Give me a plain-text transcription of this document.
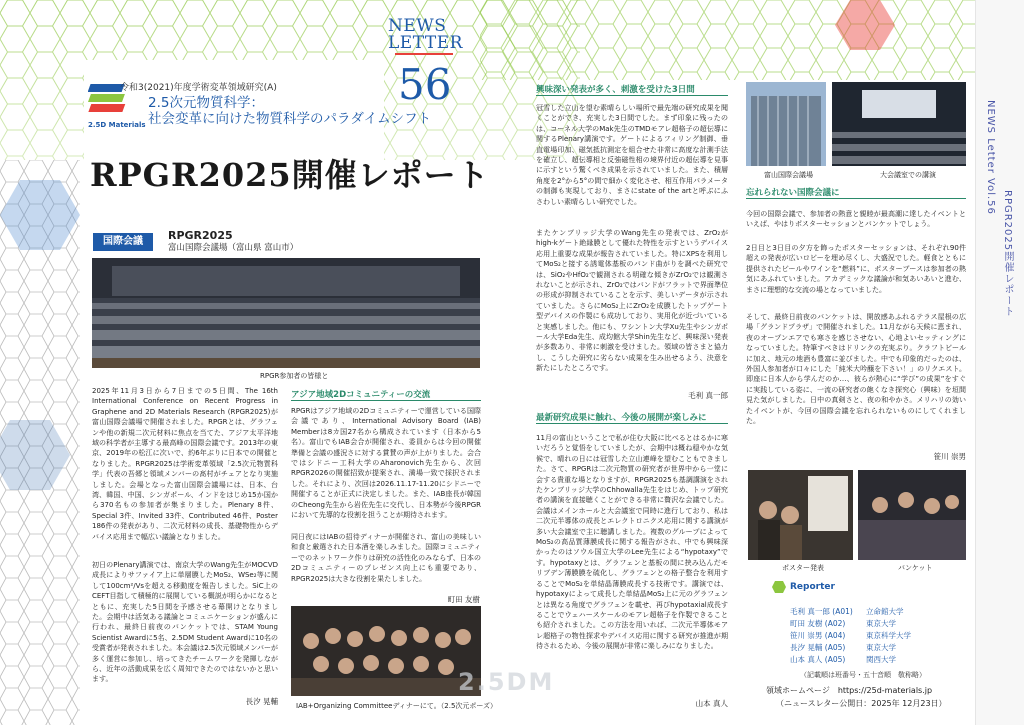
NEWS Letter Vol.56
RPGR2025開催レポート
NEWS
LETTER
56
2.5D Materials
令和3(2021)年度学術変革領域研究(A)
2.5次元物質科学：
社会変革に向けた物質科学のパラダイムシフト
RPGR2025開催レポート
国際会議	RPGR2025
富山国際会議場（富山県 富山市）
RPGR参加者の皆様と

2025年11月3日から7日までの5日間、The 16th International Conference on Recent Progress in Graphene and 2D Materials Research (RPGR2025)が富山国際会議場で開催されました。RPGRとは、グラフェンや他の新規二次元材料に焦点を当てた、アジア太平洋地域の科学者が主導する最高峰の国際会議です。2013年の東京、2019年の松江に次いで、約6年ぶりに日本での開催となりました。RPGR2025は学術変革領域「2.5次元物質科学」代表の吾郷と領域メンバーの髙村がチェアとなり実施しました。会場となった富山国際会議場には、日本、台湾、韓国、中国、シンガポール、インドをはじめ15か国から370名もの参加者が集まりました。Plenary 8件、Special 3件、Invited 33件、Contributed 46件、Poster 186件の発表があり、二次元材料の成長、基礎物性からデバイス応用まで幅広い議論となりました。

初日のPlenary講演では、南京大学のWang先生がMOCVD成長によりサファイア上に単層膜したMoS₂、WSe₂等に関して100cm²/Vsを超える移動度を報告しました。SiC上のCEFT目指して積極的に展開している概説が明らかになるとともに、充実した5日間を予感させる幕開けとなりました。会期中は活気ある議論とコミュニケーションが盛んに行われ、最終日前夜のバンケットでは、STAM Young Scientist Awardに5名、2.5DM Student Awardに10名の受賞者が発表されました。本会議は2.5次元領域メンバーが多く運営に参加し、培ってきたチームワークを発揮しながら、近年の活動成果を広く周知できたのではないかと思います。

長汐 晃輔
アジア地域2Dコミュニティーの交流

RPGRはアジア地域の2Dコミュニティーで運営している国際会議であり、International Advisory Board (IAB) Memberは8カ国27名から構成されています（日本から5名）。富山でもIAB会合が開催され、委員からは今回の開催準備と会議の盛況さに対する賞賛の声が上がりました。会合ではシドニー工科大学のAharonovich先生から、次回RPGR2026の開催招致が提案され、満場一致で採択されました。それにより、次回は2026.11.17-11.20にシドニーで開催することが正式に決定しました。また、IAB座長が韓国のCheong先生から岩佐先生に交代し、日本勢が今後RPGRにおいて先導的な役割を担うことが期待されます。

同日夜にはIABの招待ディナーが開催され、富山の美味しい和食と厳選された日本酒を楽しみました。国際コミュニティーでのネットワーク作りは研究の活性化のみならず、日本の2Dコミュニティーのプレゼンス向上にも重要であり、RPGR2025は大きな役割を果たしました。

町田 友樹
IAB+Organizing Committeeディナーにて。（2.5次元ポーズ）
興味深い発表が多く、刺激を受けた3日間

冠雪した立山を望む素晴らしい場所で最先端の研究成果を聞くことができ、充実した3日間でした。まず印象に残ったのは、コーネル大学のMak先生のTMDモアレ超格子の超伝導に関するPlenary講演です。ゲートによるフィリング制御、垂直電場印加、磁気抵抗測定を組合せた非常に高度な計測手法を確立し、超伝導相と反強磁性相の境界付近の超伝導を見事に示すという驚くべき成果を示されていました。また、積層角度を2°から5°の間で細かく変化させ、相互作用パラメータの制御も実現しており、まさにstate of the artと呼ぶにふさわしい素晴らしい研究でした。

またケンブリッジ大学のWang先生の発表では、ZrO₂がhigh-kゲート絶縁膜として優れた特性を示すというデバイス応用上重要な成果が報告されていました。特にXPSを利用してMoS₂と接する誘電体基板のバンド曲がりを調べた研究では、SiO₂やHfO₂で観測される明確な傾きがZrO₂では観測されないことが示され、ZrO₂ではバンドがフラットで界面準位の形成が抑制されていることを示す、美しいデータが示されていました。さらにMoS₂上にZrO₂を成膜したトップゲート型デバイスの作製にも成功しており、実用化が近づいていると実感しました。他にも、ワシントン大学Xu先生やシンガポール大学Eda先生、成均館大学Shin先生など、興味深い発表が多数あり、非常に刺激を受けました。領域の皆さまと協力し、こうした研究に劣らない成果を生み出せるよう、決意を新たにしたところです。

毛利 真一郎
最新研究成果に触れ、今後の展開が楽しみに

11月の富山ということで私が住む大阪に比べるとはるかに寒いだろうと覚悟をしていましたが、会期中は概ね穏やかな気候で、晴れの日には冠雪した立山連峰を望むこともできました。さて、RPGRは二次元物質の研究者が世界中から一堂に会する貴重な場となりますが、RPGR2025も基調講演をされたケンブリッジ大学のChhowalla先生をはじめ、トップ研究者の講演を直接聴くことができる非常に贅沢な会議でした。会議はメインホールと大会議室で同時に進行しており、私は二次元半導体の成長とエレクトロニクス応用に関する講演が多い大会議室で主に聴講しました。複数のグループによってMoS₂の高品質薄膜成長に関する報告がされ、中でも興味深かったのはソウル国立大学のLee先生による“hypotaxy”です。hypotaxyとは、グラフェンと基板の間に挟み込んだモリブデン薄膜膜を硫化し、グラフェンとの格子整合を利用することでMoS₂を単結晶薄膜成長する技術です。講演では、hypotaxyによって成長した単結晶MoS₂上に元のグラフェンとは異なる角度でグラフェンを載せ、再びhypotaxial成長することでウェハースケールのモアレ超格子を作製できることも紹介されました。この方法を用いれば、二次元半導体モアレ超格子の物性探求やデバイス応用に関する研究が推進が期待されるため、今後の展開が非常に楽しみになりました。

山本 真人
富山国際会議場	大会議室での講演
忘れられない国際会議に

今回の国際会議で、参加者の熱意と親睦が最高潮に達したイベントといえば、やはりポスターセッションとバンケットでしょう。

2日目と3日目の夕方を飾ったポスターセッションは、それぞれ90件超えの発表が広いロビーを埋め尽くし、大盛況でした。軽食とともに提供されたビールやワインを“燃料”に、ポスターブースは参加者の熱気にあふれていました。アカデミックな議論が和気あいあいと進む、まさに理想的な交流の場となっていました。

そして、最終日前夜のバンケットは、開放感あふれるテラス屋根の広場「グランドプラザ」で開催されました。11月ながら天候に恵まれ、夜のオープンエアでも寒さを感じさせない、心地よいセッティングになっていました。特筆すべきはドリンクの充実ぶり。クラフトビールに加え、地元の地酒も豊富に並びました。中でも印象的だったのは、外国人参加者が口々にした「純米大吟醸を下さい！」のリクエスト。即座に日本人から学んだのか…、彼らが熱心に“学び”の成果”をすぐに実践している姿に、一流の研究者の飽くなき探究心（興味）を垣間見た気がしました。日中の真剣さと、夜の和やかさ。メリハリの効いたイベントが、今回の国際会議を忘れられないものにしてくれました。

笹川 崇男
ポスター発表	バンケット
Reporter
毛利 真一郎 (A01) 立命館大学
町田 友樹 (A02)	東京大学
笹川 崇男 (A04)	東京科学大学
長汐 晃輔 (A05)	東京大学
山本 真人 (A05)	関西大学
（記載順は班番号・五十音順　敬称略）
領域ホームページ　https://25d-materials.jp
（ニュースレター公開日：2025年 12月23日）
2.5DM
